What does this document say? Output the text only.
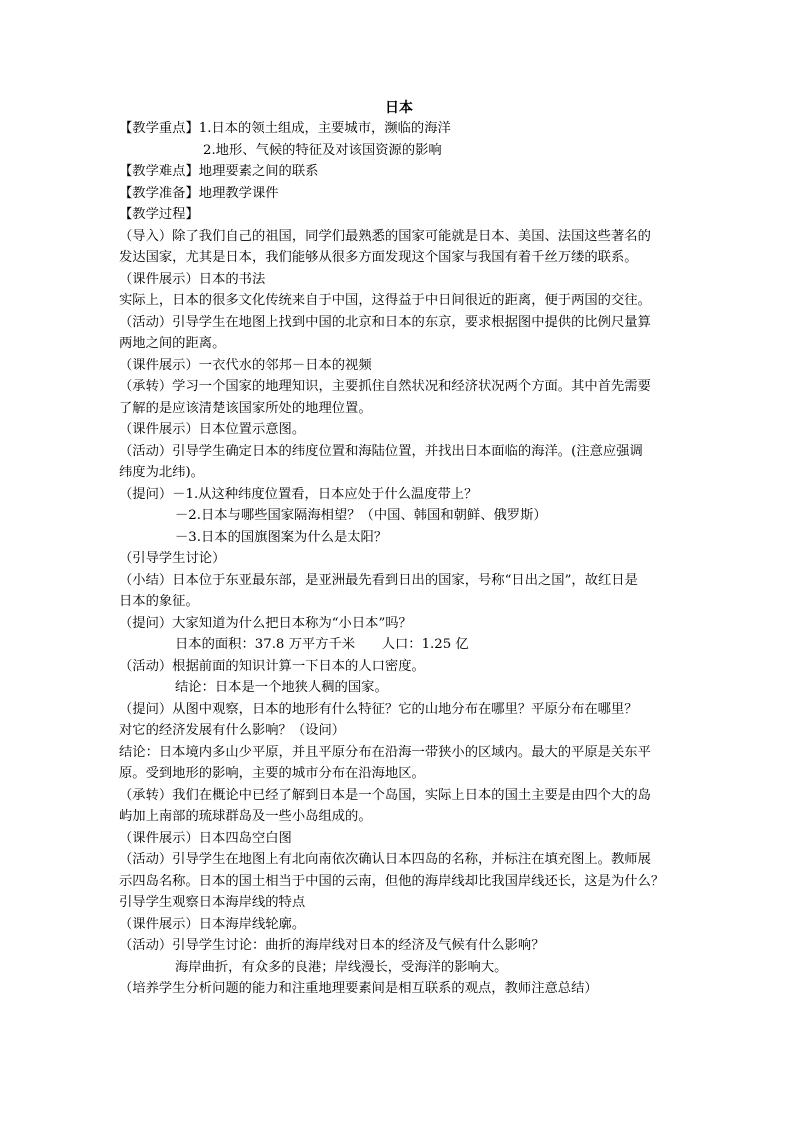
日本
【教学重点】1.日本的领土组成，主要城市，濒临的海洋
2.地形、气候的特征及对该国资源的影响
【教学难点】地理要素之间的联系
【教学准备】地理教学课件
【教学过程】
（导入）除了我们自己的祖国，同学们最熟悉的国家可能就是日本、美国、法国这些著名的
发达国家，尤其是日本，我们能够从很多方面发现这个国家与我国有着千丝万缕的联系。
（课件展示）日本的书法
实际上，日本的很多文化传统来自于中国，这得益于中日间很近的距离，便于两国的交往。
（活动）引导学生在地图上找到中国的北京和日本的东京，要求根据图中提供的比例尺量算
两地之间的距离。
（课件展示）一衣代水的邻邦－日本的视频
（承转）学习一个国家的地理知识，主要抓住自然状况和经济状况两个方面。其中首先需要
了解的是应该清楚该国家所处的地理位置。
（课件展示）日本位置示意图。
（活动）引导学生确定日本的纬度位置和海陆位置，并找出日本面临的海洋。(注意应强调
纬度为北纬)。
（提问）－1.从这种纬度位置看，日本应处于什么温度带上？
－2.日本与哪些国家隔海相望？（中国、韩国和朝鲜、俄罗斯）
－3.日本的国旗图案为什么是太阳？
（引导学生讨论）
（小结）日本位于东亚最东部，是亚洲最先看到日出的国家，号称“日出之国”，故红日是
日本的象征。
（提问）大家知道为什么把日本称为“小日本”吗？
日本的面积：37.8 万平方千米　　人口：1.25 亿
（活动）根据前面的知识计算一下日本的人口密度。
结论：日本是一个地狭人稠的国家。
（提问）从图中观察，日本的地形有什么特征？它的山地分布在哪里？平原分布在哪里？
对它的经济发展有什么影响？（设问）
结论：日本境内多山少平原，并且平原分布在沿海一带狭小的区域内。最大的平原是关东平
原。受到地形的影响，主要的城市分布在沿海地区。
（承转）我们在概论中已经了解到日本是一个岛国，实际上日本的国土主要是由四个大的岛
屿加上南部的琉球群岛及一些小岛组成的。
（课件展示）日本四岛空白图
（活动）引导学生在地图上有北向南依次确认日本四岛的名称，并标注在填充图上。教师展
示四岛名称。日本的国土相当于中国的云南，但他的海岸线却比我国岸线还长，这是为什么？
引导学生观察日本海岸线的特点
（课件展示）日本海岸线轮廓。
（活动）引导学生讨论：曲折的海岸线对日本的经济及气候有什么影响？
海岸曲折，有众多的良港；岸线漫长，受海洋的影响大。
（培养学生分析问题的能力和注重地理要素间是相互联系的观点，教师注意总结）
